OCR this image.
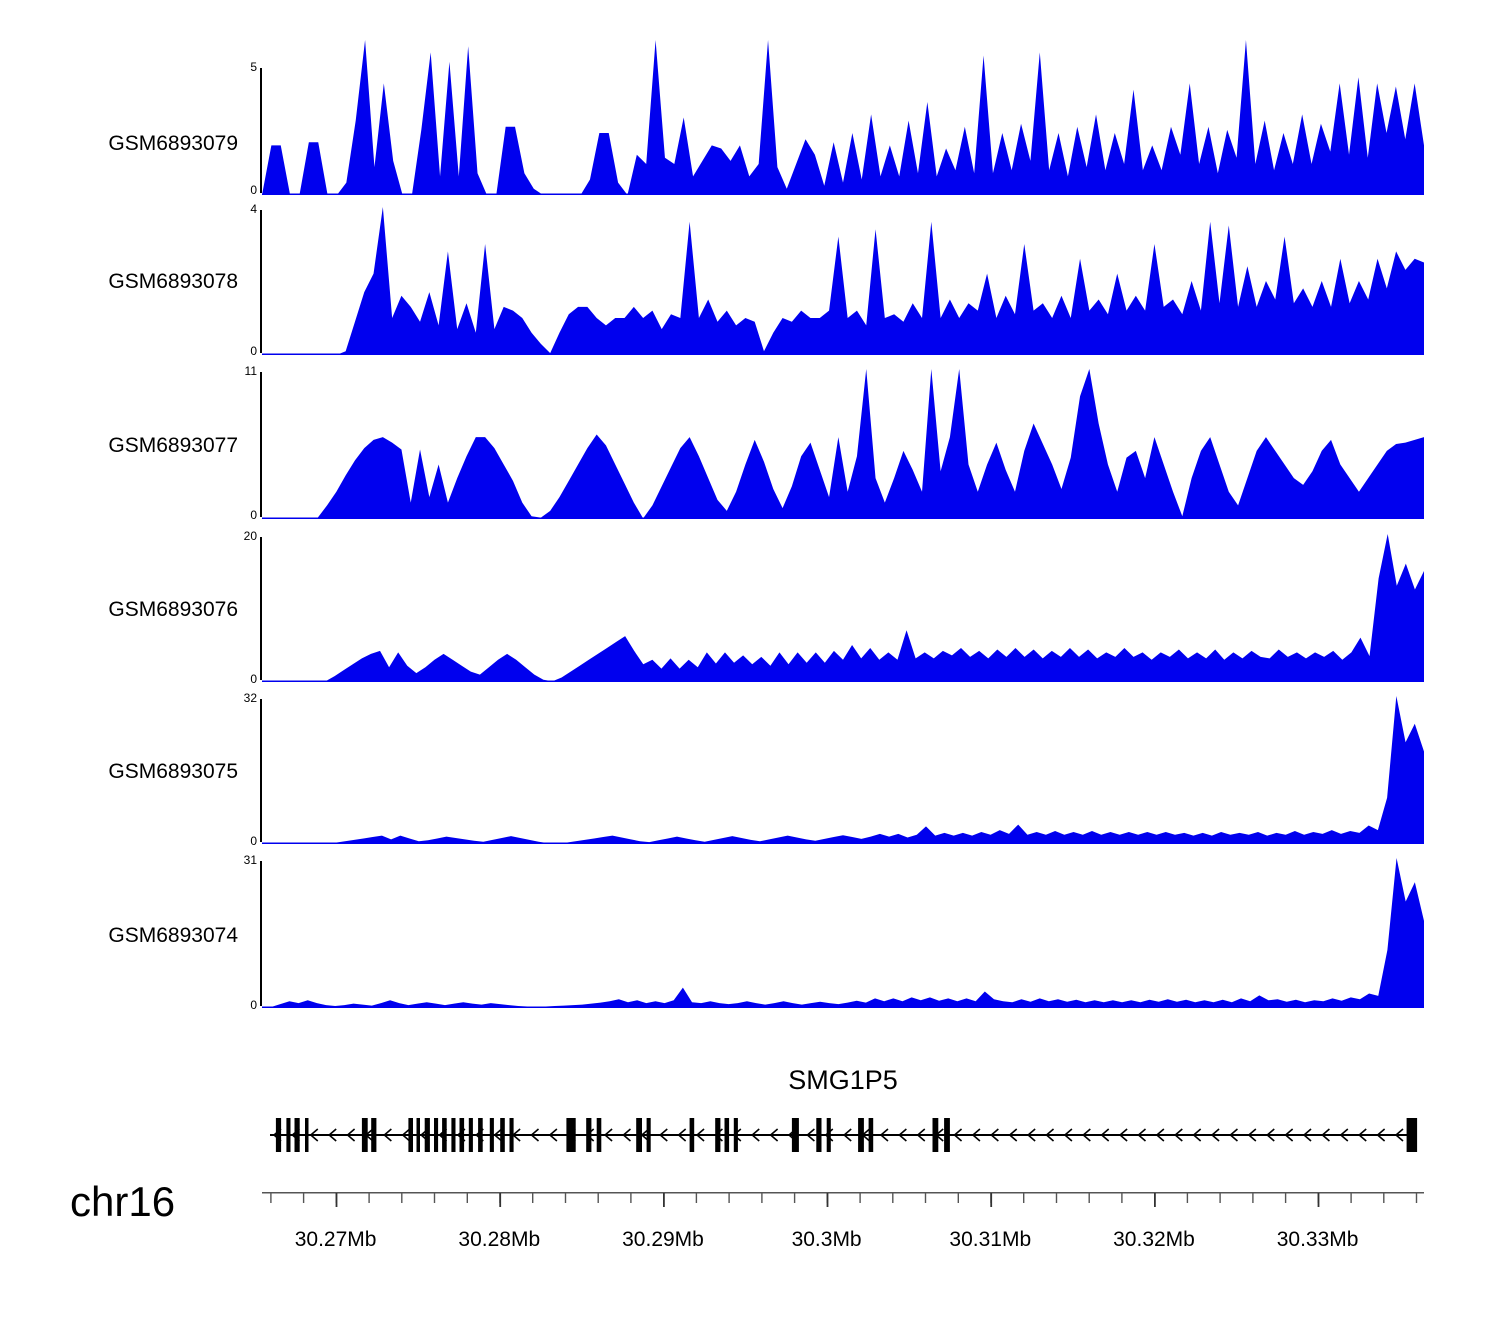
GSM6893079
5
0
GSM6893078
4
0
GSM6893077
11
0
GSM6893076
20
0
GSM6893075
32
0
GSM6893074
31
0
SMG1P5
chr16
30.27Mb	30.28Mb	30.29Mb	30.3Mb	30.31Mb	30.32Mb	30.33Mb
